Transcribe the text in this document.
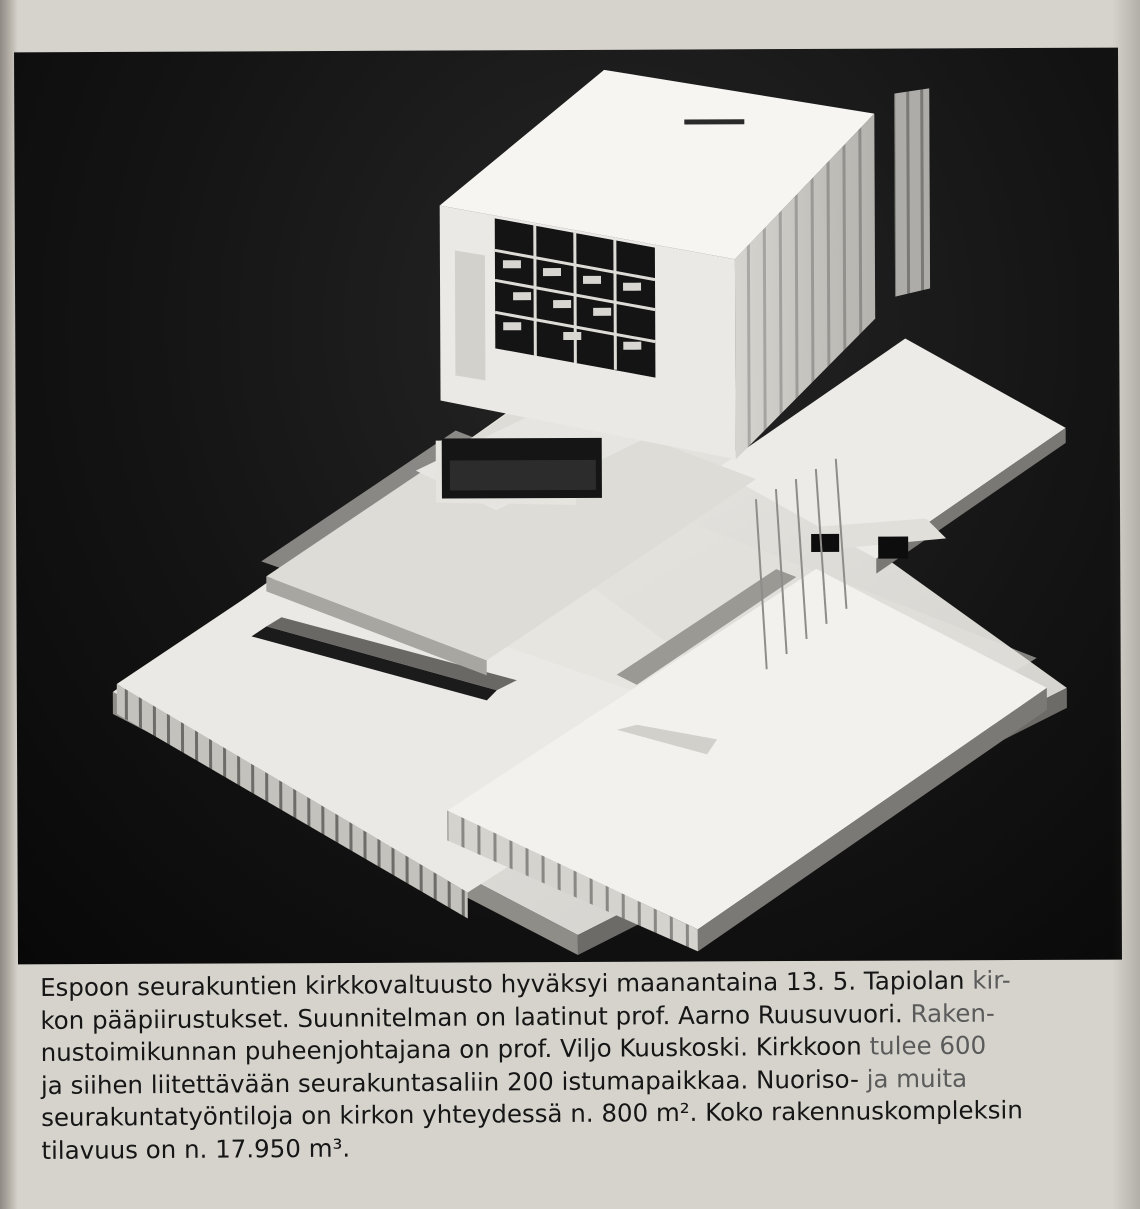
Espoon seurakuntien kirkkovaltuusto hyväksyi maanantaina 13. 5. Tapiolan kir-
kon pääpiirustukset. Suunnitelman on laatinut prof. Aarno Ruusuvuori. Raken-
nustoimikunnan puheenjohtajana on prof. Viljo Kuuskoski. Kirkkoon tulee 600
ja siihen liitettävään seurakuntasaliin 200 istumapaikkaa. Nuoriso- ja muita
seurakuntatyöntiloja on kirkon yhteydessä n. 800 m². Koko rakennuskompleksin
tilavuus on n. 17.950 m³.
